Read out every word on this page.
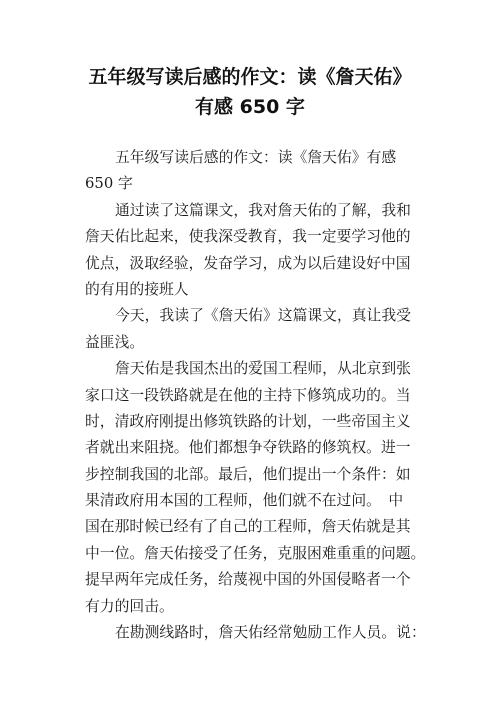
五年级写读后感的作文：读《詹天佑》
有感 650 字
五年级写读后感的作文：读《詹天佑》有感
650 字
通过读了这篇课文，我对詹天佑的了解，我和
詹天佑比起来，使我深受教育，我一定要学习他的
优点，汲取经验，发奋学习，成为以后建设好中国
的有用的接班人
今天，我读了《詹天佑》这篇课文，真让我受
益匪浅。
詹天佑是我国杰出的爱国工程师，从北京到张
家口这一段铁路就是在他的主持下修筑成功的。当
时，清政府刚提出修筑铁路的计划，一些帝国主义
者就出来阻挠。他们都想争夺铁路的修筑权。进一
步控制我国的北部。最后，他们提出一个条件：如
果清政府用本国的工程师，他们就不在过问。　中
国在那时候已经有了自己的工程师，詹天佑就是其
中一位。詹天佑接受了任务，克服困难重重的问题。
提早两年完成任务，给蔑视中国的外国侵略者一个
有力的回击。
在勘测线路时，詹天佑经常勉励工作人员。说：
